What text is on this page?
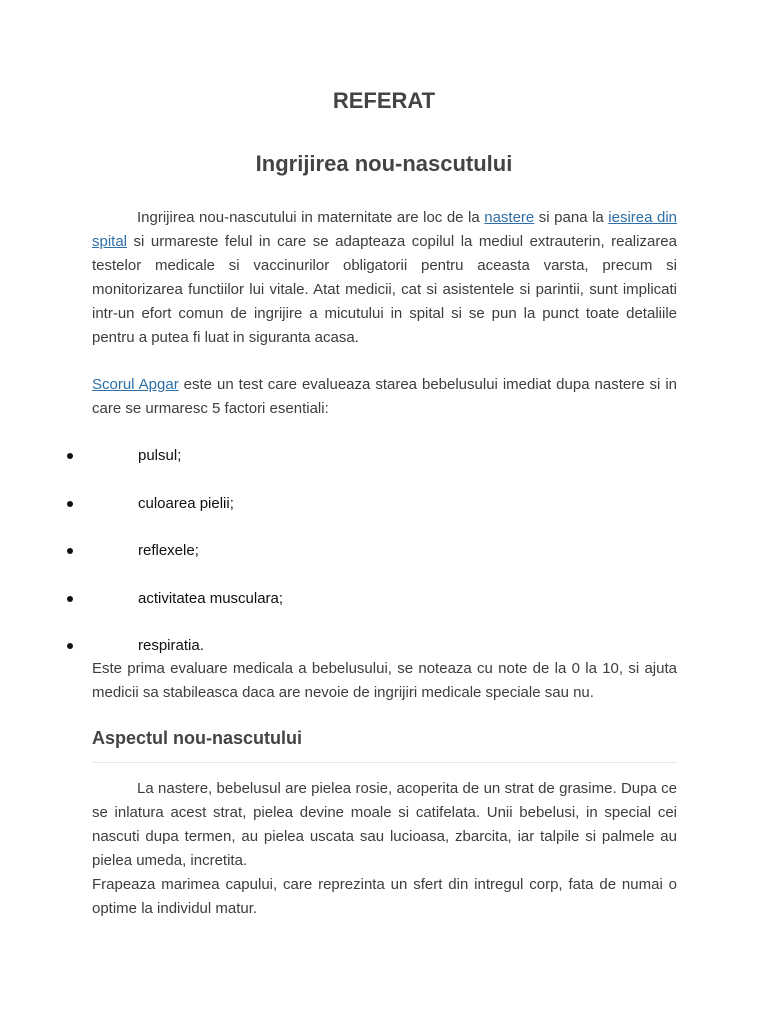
REFERAT
Ingrijirea nou-nascutului

Ingrijirea nou-nascutului in maternitate are loc de la nastere si pana la iesirea din spital si urmareste felul in care se adapteaza copilul la mediul extrauterin, realizarea testelor medicale si vaccinurilor obligatorii pentru aceasta varsta, precum si monitorizarea functiilor lui vitale. Atat medicii, cat si asistentele si parintii, sunt implicati intr-un efort comun de ingrijire a micutului in spital si se pun la punct toate detaliile pentru a putea fi luat in siguranta acasa.

Scorul Apgar este un test care evalueaza starea bebelusului imediat dupa nastere si in care se urmaresc 5 factori esentiali:

pulsul;
culoarea pielii;
reflexele;
activitatea musculara;
respiratia.

Este prima evaluare medicala a bebelusului, se noteaza cu note de la 0 la 10, si ajuta medicii sa stabileasca daca are nevoie de ingrijiri medicale speciale sau nu.

Aspectul nou-nascutului

La nastere, bebelusul are pielea rosie, acoperita de un strat de grasime. Dupa ce se inlatura acest strat, pielea devine moale si catifelata. Unii bebelusi, in special cei nascuti dupa termen, au pielea uscata sau lucioasa, zbarcita, iar talpile si palmele au pielea umeda, incretita.
Frapeaza marimea capului, care reprezinta un sfert din intregul corp, fata de numai o optime la individul matur.
